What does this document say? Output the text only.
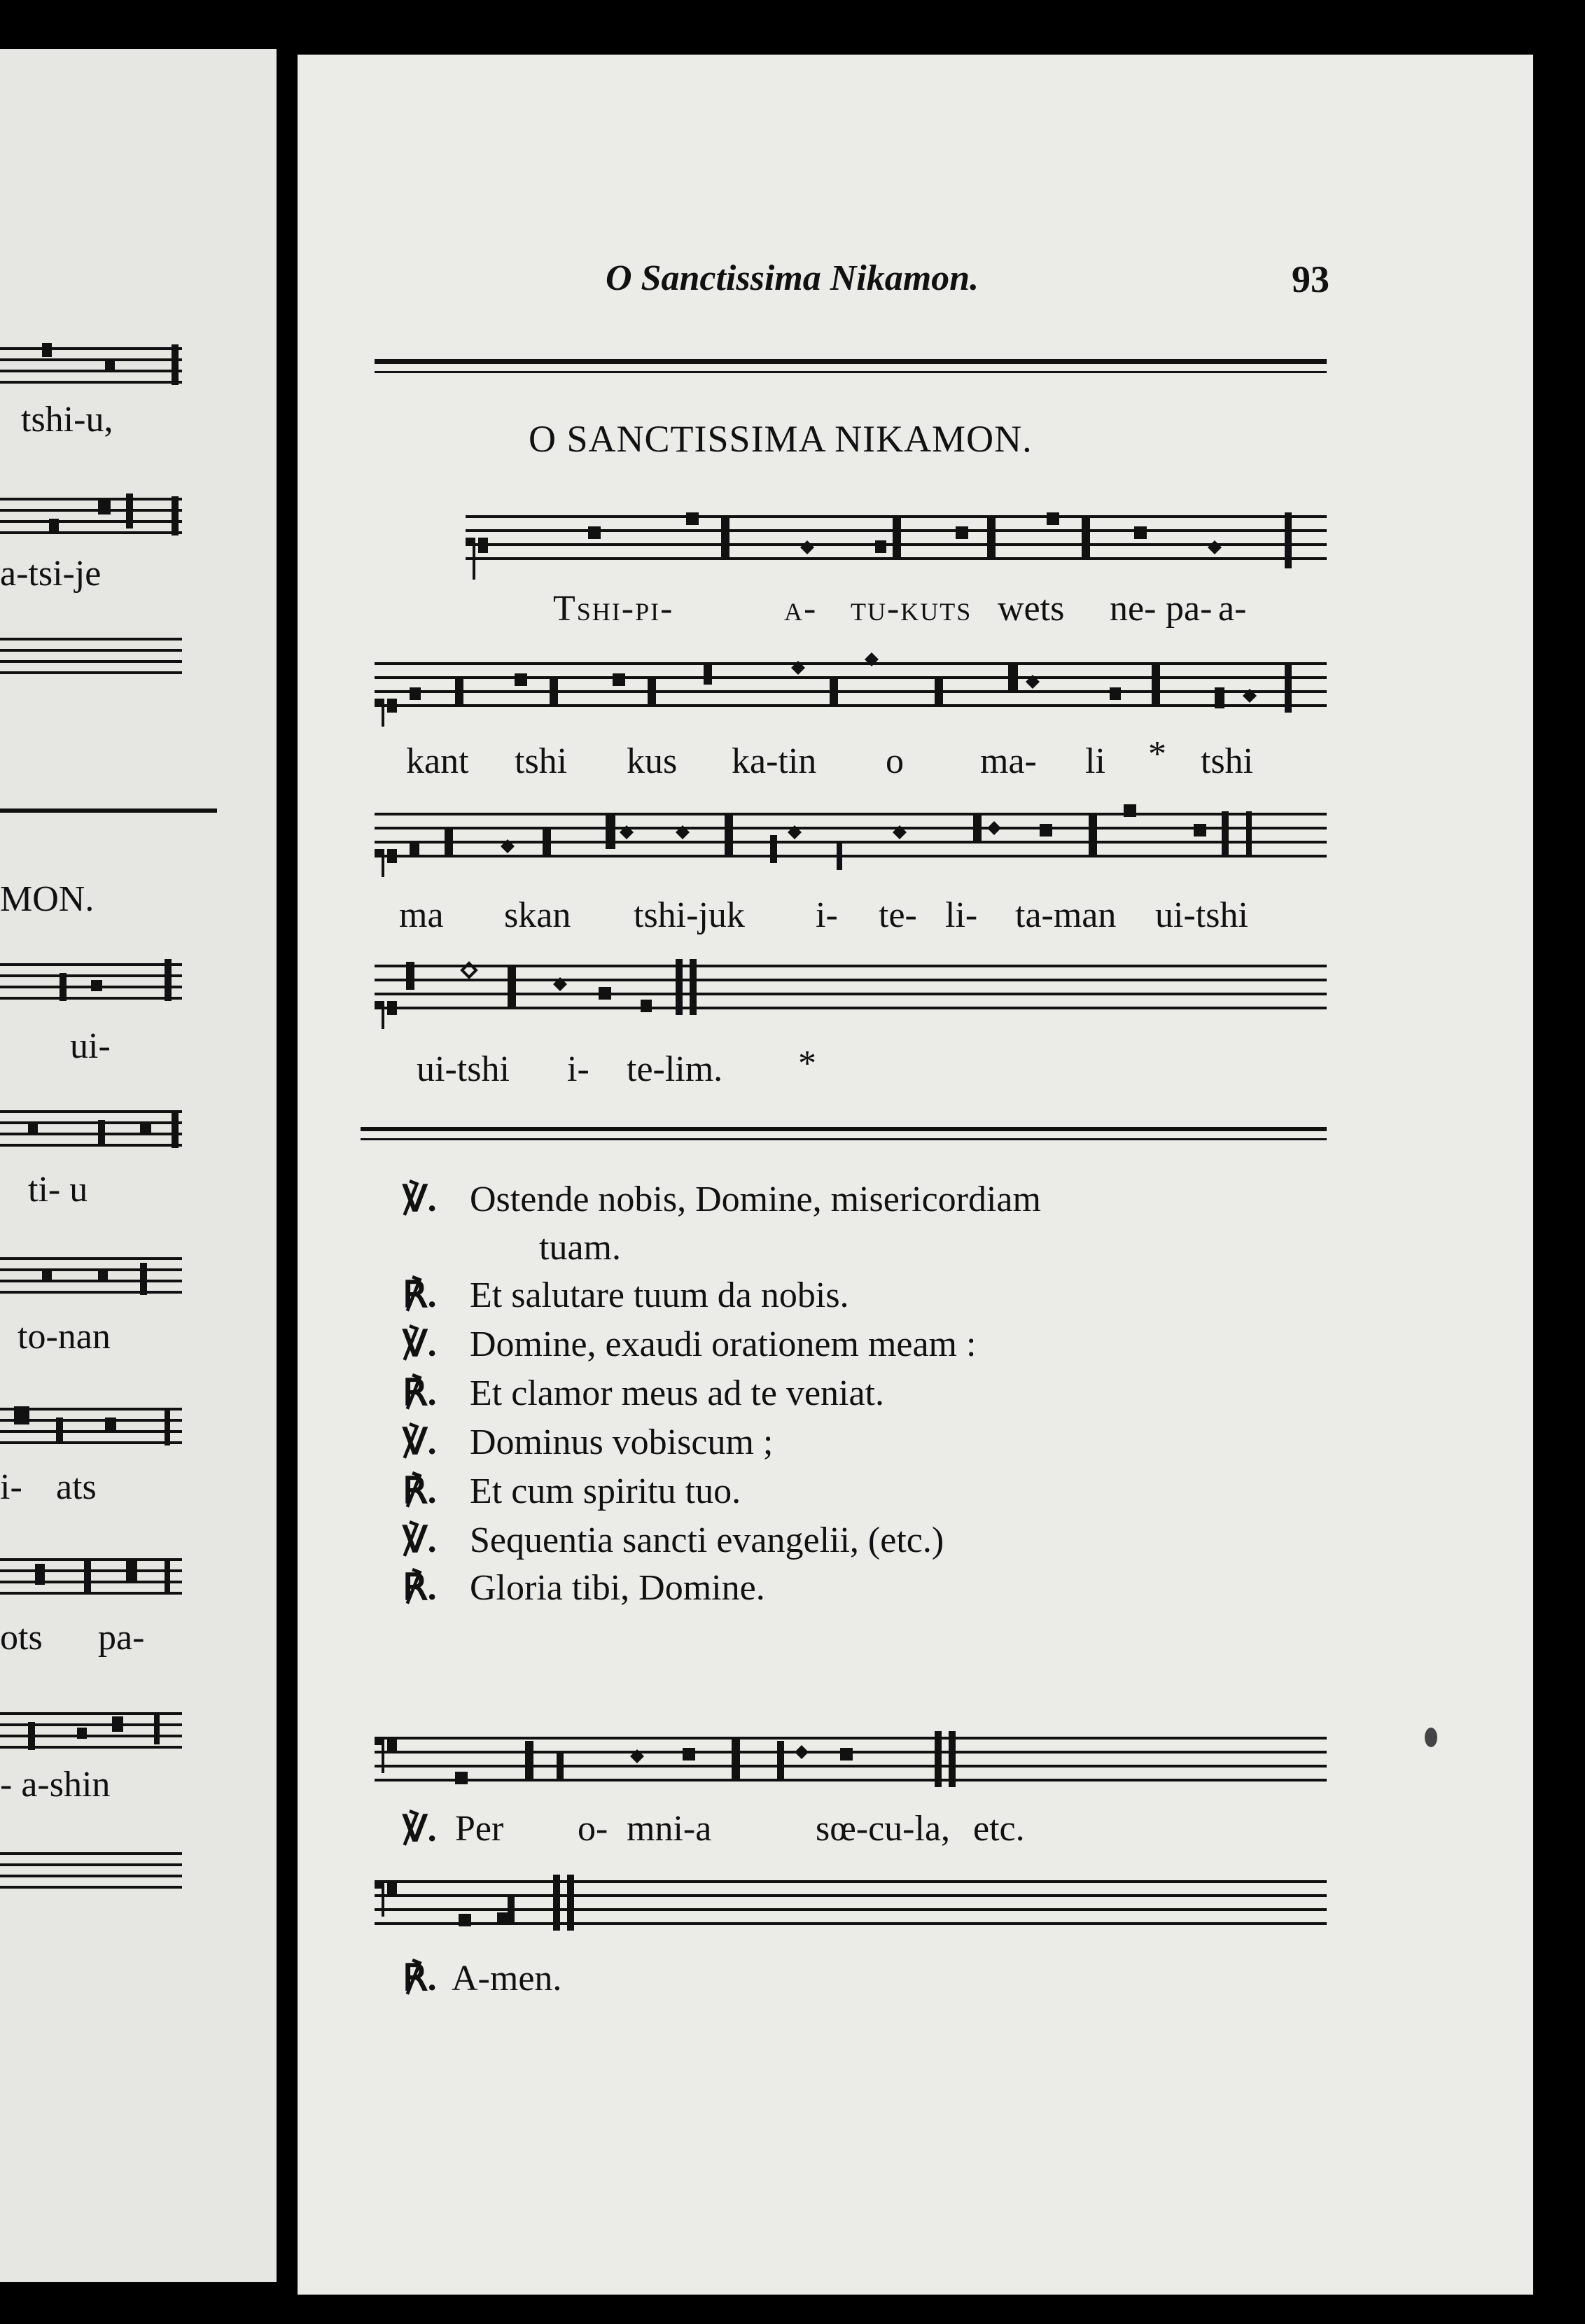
tshi-u,
a-tsi-je
MON.
ui-
ti- u
to-nan
i- ats
ots pa-
- a-shin
O Sanctissima Nikamon.	93
O SANCTISSIMA NIKAMON.
Tshi-pi-	a- tu-kuts wets ne- pa- a-
kant tshi kus ka-tin o ma- li * tshi
ma skan tshi-juk i- te- li- ta-man ui-tshi
ui-tshi i- te-lim. *
℣. Ostende nobis, Domine, misericordiam
tuam.
℟. Et salutare tuum da nobis.
℣. Domine, exaudi orationem meam :
℟. Et clamor meus ad te veniat.
℣. Dominus vobiscum ;
℟. Et cum spiritu tuo.
℣. Sequentia sancti evangelii, (etc.)
℟. Gloria tibi, Domine.
℣. Per o- mni-a	sœ-cu-la, etc.
℟. A-men.
